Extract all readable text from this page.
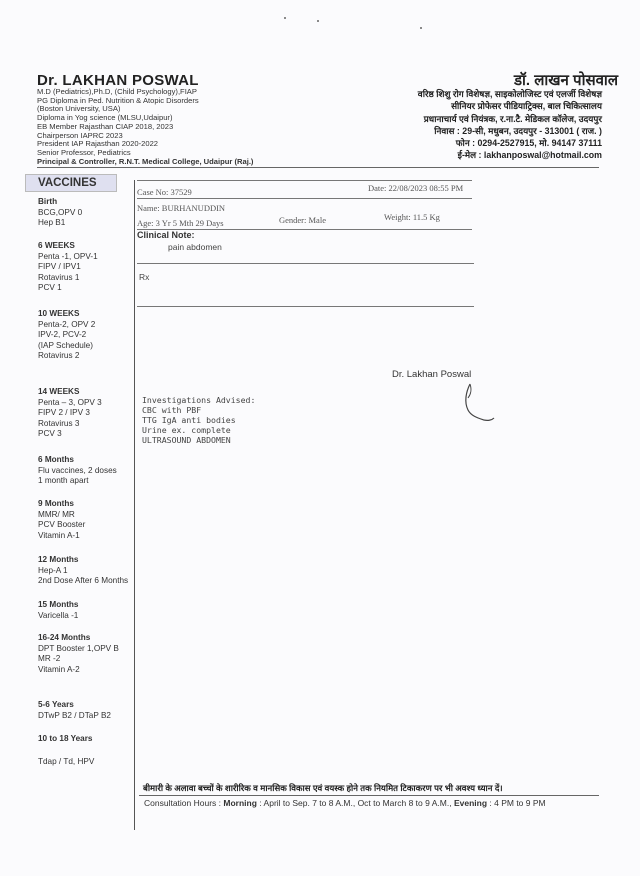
Dr. LAKHAN POSWAL
M.D (Pediatrics),Ph.D, (Child Psychology),FIAP
PG Diploma in Ped. Nutrition & Atopic Disorders
(Boston University, USA)
Diploma in Yog science (MLSU,Udaipur)
EB Member Rajasthan CIAP 2018, 2023
Chairperson IAPRC 2023
President IAP Rajasthan 2020-2022
Senior Professor, Pediatrics
Principal & Controller, R.N.T. Medical College, Udaipur (Raj.)
डॉ. लाखन पोसवाल
वरिष्ठ शिशु रोग विशेषज्ञ, साइकोलोजिस्ट एवं एलर्जी विशेषज्ञ
सीनियर प्रोफेसर पीडियाट्रिक्स, बाल चिकित्सालय
प्रधानाचार्य एवं नियंत्रक, र.ना.टै. मेडिकल कॉलेज, उदयपुर
निवास : 29-सी, मधुबन, उदयपुर - 313001 ( राज. )
फोन : 0294-2527915, मो. 94147 37111
ई-मेल : lakhanposwal@hotmail.com
VACCINES
Birth
BCG,OPV 0
Hep B1
6 WEEKS
Penta -1, OPV-1
FIPV / IPV1
Rotavirus 1
PCV 1
10 WEEKS
Penta-2, OPV 2
IPV-2, PCV-2
(IAP Schedule)
Rotavirus 2
14 WEEKS
Penta – 3, OPV 3
FIPV 2 / IPV 3
Rotavirus 3
PCV 3
6 Months
Flu vaccines, 2 doses
1 month apart
9 Months
MMR/ MR
PCV Booster
Vitamin A-1
12 Months
Hep-A 1
2nd Dose After 6 Months
15 Months
Varicella -1
16-24 Months
DPT Booster 1,OPV B
MR -2
Vitamin A-2
5-6 Years
DTwP B2 / DTaP B2
10 to 18 Years
Tdap / Td, HPV
Case No: 37529	Date: 22/08/2023 08:55 PM
Name: BURHANUDDIN
Age: 3 Yr 5 Mth 29 Days	Gender: Male	Weight: 11.5 Kg
Clinical Note:
pain abdomen
Rx
Dr. Lakhan Poswal
Investigations Advised:
CBC with PBF
TTG IgA anti bodies
Urine ex. complete
ULTRASOUND ABDOMEN
बीमारी के अलावा बच्चों के शारीरिक व मानसिक विकास एवं वयस्क होने तक नियमित टिकाकरण पर भी अवश्य ध्यान दें।
Consultation Hours : Morning : April to Sep. 7 to 8 A.M., Oct to March 8 to 9 A.M., Evening : 4 PM to 9 PM
